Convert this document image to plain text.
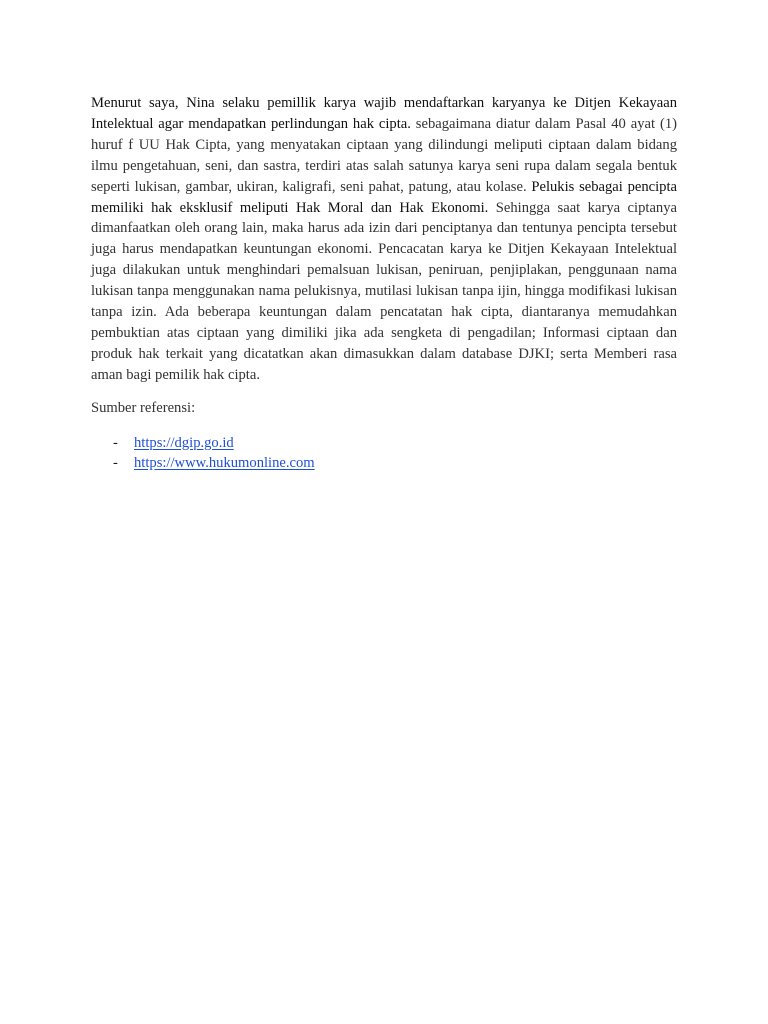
Menurut saya, Nina selaku pemillik karya wajib mendaftarkan karyanya ke Ditjen Kekayaan Intelektual agar mendapatkan perlindungan hak cipta. sebagaimana diatur dalam Pasal 40 ayat (1) huruf f UU Hak Cipta, yang menyatakan ciptaan yang dilindungi meliputi ciptaan dalam bidang ilmu pengetahuan, seni, dan sastra, terdiri atas salah satunya karya seni rupa dalam segala bentuk seperti lukisan, gambar, ukiran, kaligrafi, seni pahat, patung, atau kolase. Pelukis sebagai pencipta memiliki hak eksklusif meliputi Hak Moral dan Hak Ekonomi. Sehingga saat karya ciptanya dimanfaatkan oleh orang lain, maka harus ada izin dari penciptanya dan tentunya pencipta tersebut juga harus mendapatkan keuntungan ekonomi. Pencacatan karya ke Ditjen Kekayaan Intelektual juga dilakukan untuk menghindari pemalsuan lukisan, peniruan, penjiplakan, penggunaan nama lukisan tanpa menggunakan nama pelukisnya, mutilasi lukisan tanpa ijin, hingga modifikasi lukisan tanpa izin. Ada beberapa keuntungan dalam pencatatan hak cipta, diantaranya memudahkan pembuktian atas ciptaan yang dimiliki jika ada sengketa di pengadilan; Informasi ciptaan dan produk hak terkait yang dicatatkan akan dimasukkan dalam database DJKI; serta Memberi rasa aman bagi pemilik hak cipta.

Sumber referensi:

-	https://dgip.go.id
-	https://www.hukumonline.com
